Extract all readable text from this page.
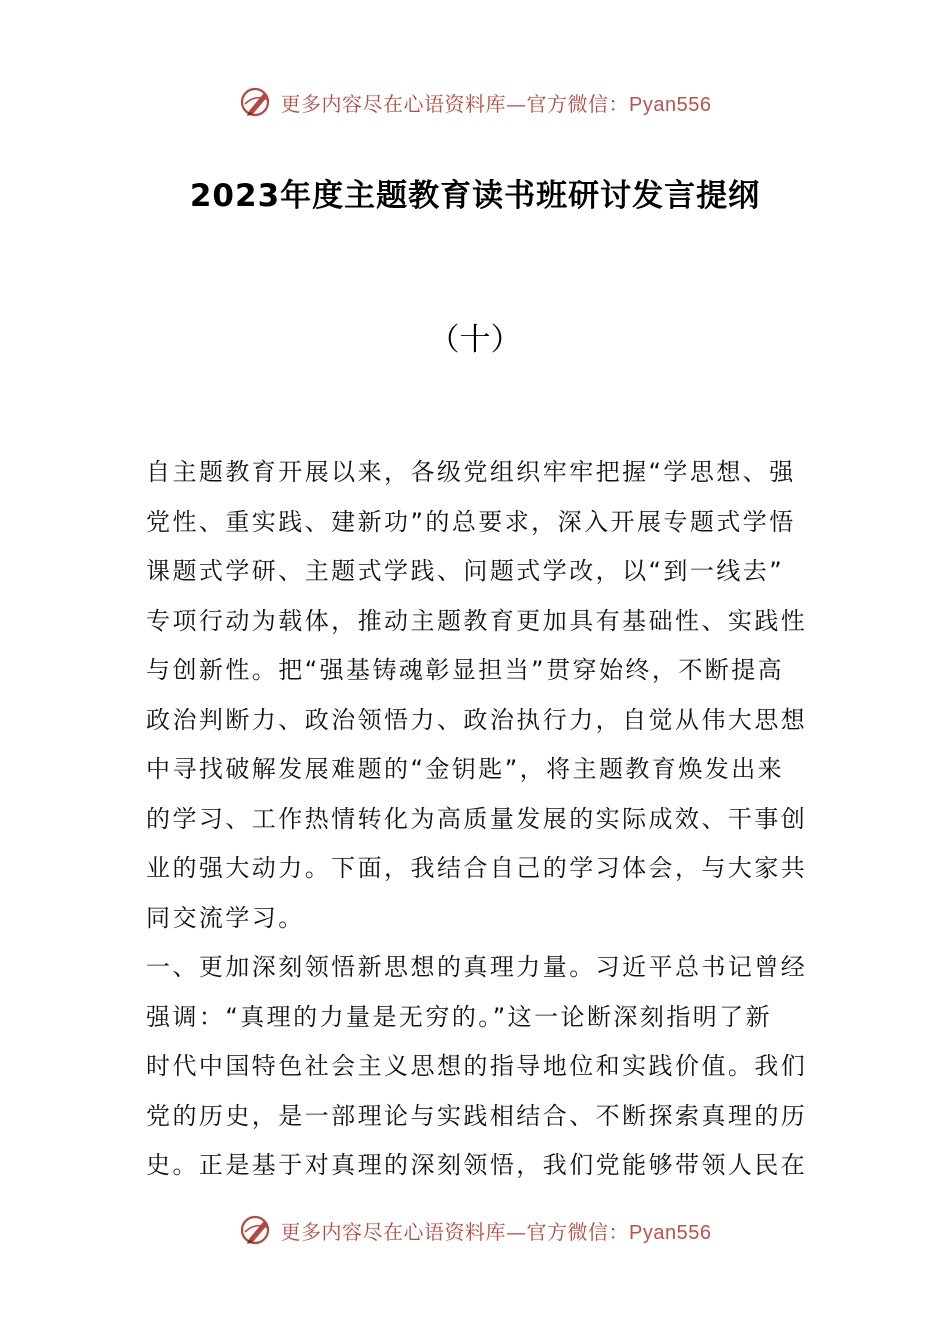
更多内容尽在心语资料库—官方微信：Pyan556
2023年度主题教育读书班研讨发言提纲
（十）
自主题教育开展以来，各级党组织牢牢把握“学思想、强
党性、重实践、建新功”的总要求，深入开展专题式学悟
课题式学研、主题式学践、问题式学改，以“到一线去”
专项行动为载体，推动主题教育更加具有基础性、实践性
与创新性。把“强基铸魂彰显担当”贯穿始终，不断提高
政治判断力、政治领悟力、政治执行力，自觉从伟大思想
中寻找破解发展难题的“金钥匙”，将主题教育焕发出来
的学习、工作热情转化为高质量发展的实际成效、干事创
业的强大动力。下面，我结合自己的学习体会，与大家共
同交流学习。
一、更加深刻领悟新思想的真理力量。习近平总书记曾经
强调：“真理的力量是无穷的。”这一论断深刻指明了新
时代中国特色社会主义思想的指导地位和实践价值。我们
党的历史，是一部理论与实践相结合、不断探索真理的历
史。正是基于对真理的深刻领悟，我们党能够带领人民在
更多内容尽在心语资料库—官方微信：Pyan556
